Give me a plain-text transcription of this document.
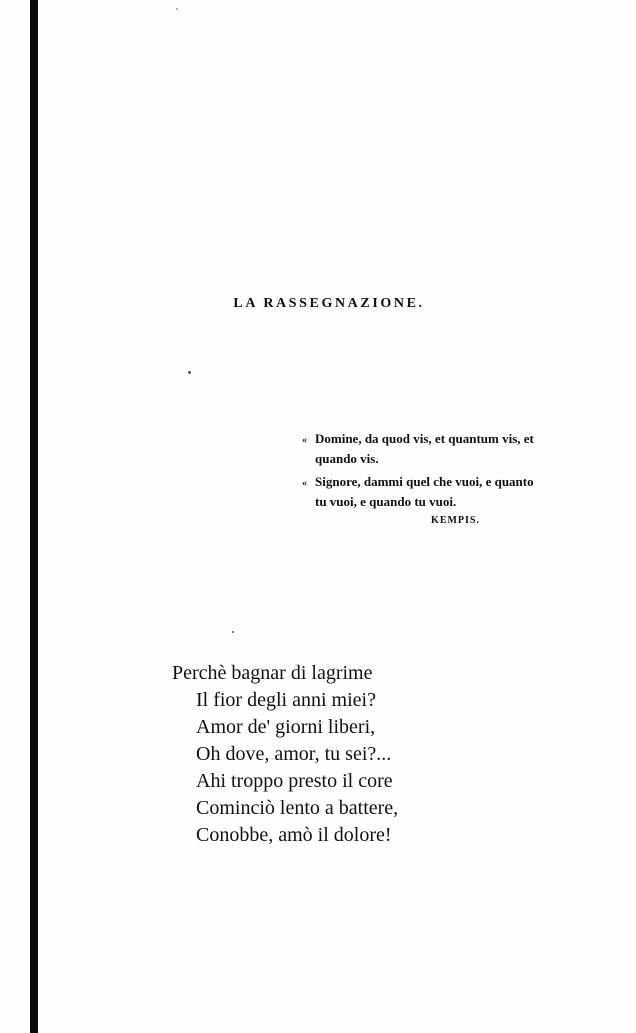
LA RASSEGNAZIONE.
« Domine, da quod vis, et quantum vis, et quando vis.
« Signore, dammi quel che vuoi, e quanto tu vuoi, e quando tu vuoi.
KEMPIS.
Perchè bagnar di lagrime
Il fior degli anni miei?
Amor de' giorni liberi,
Oh dove, amor, tu sei?...
Ahi troppo presto il core
Cominciò lento a battere,
Conobbe, amò il dolore!
